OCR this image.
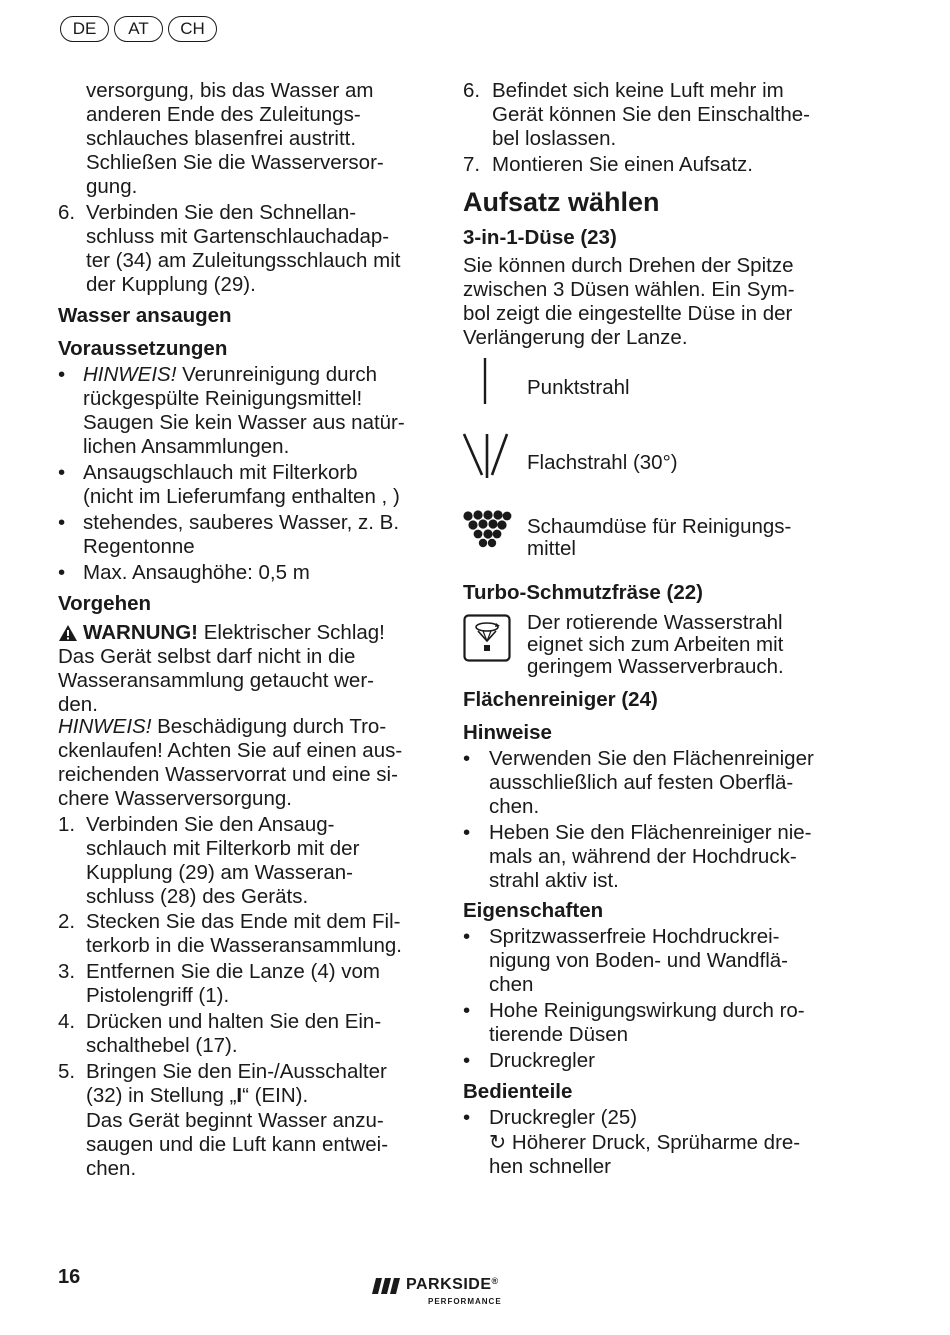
DE	AT	CH
versorgung, bis das Wasser am
anderen Ende des Zuleitungs-
schlauches blasenfrei austritt.
Schließen Sie die Wasserversor-
gung.
6. Verbinden Sie den Schnellan-
schluss mit Gartenschlauchadap-
ter (34) am Zuleitungsschlauch mit
der Kupplung (29).
Wasser ansaugen
Voraussetzungen
• HINWEIS! Verunreinigung durch
rückgespülte Reinigungsmittel!
Saugen Sie kein Wasser aus natür-
lichen Ansammlungen.
• Ansaugschlauch mit Filterkorb
(nicht im Lieferumfang enthalten , )
• stehendes, sauberes Wasser, z. B.
Regentonne
• Max. Ansaughöhe: 0,5 m
Vorgehen
WARNUNG! Elektrischer Schlag!
Das Gerät selbst darf nicht in die
Wasseransammlung getaucht wer-
den.
HINWEIS! Beschädigung durch Tro-
ckenlaufen! Achten Sie auf einen aus-
reichenden Wasservorrat und eine si-
chere Wasserversorgung.
1. Verbinden Sie den Ansaug-
schlauch mit Filterkorb mit der
Kupplung (29) am Wasseran-
schluss (28) des Geräts.
2. Stecken Sie das Ende mit dem Fil-
terkorb in die Wasseransammlung.
3. Entfernen Sie die Lanze (4) vom
Pistolengriff (1).
4. Drücken und halten Sie den Ein-
schalthebel (17).
5. Bringen Sie den Ein-/Ausschalter
(32) in Stellung „I“ (EIN).
Das Gerät beginnt Wasser anzu-
saugen und die Luft kann entwei-
chen.
6. Befindet sich keine Luft mehr im
Gerät können Sie den Einschalthe-
bel loslassen.
7. Montieren Sie einen Aufsatz.
Aufsatz wählen
3-in-1-Düse (23)
Sie können durch Drehen der Spitze
zwischen 3 Düsen wählen. Ein Sym-
bol zeigt die eingestellte Düse in der
Verlängerung der Lanze.
Punktstrahl
Flachstrahl (30°)
Schaumdüse für Reinigungs-
mittel
Turbo-Schmutzfräse (22)
Der rotierende Wasserstrahl
eignet sich zum Arbeiten mit
geringem Wasserverbrauch.
Flächenreiniger (24)
Hinweise
• Verwenden Sie den Flächenreiniger
ausschließlich auf festen Oberflä-
chen.
• Heben Sie den Flächenreiniger nie-
mals an, während der Hochdruck-
strahl aktiv ist.
Eigenschaften
• Spritzwasserfreie Hochdruckrei-
nigung von Boden- und Wandflä-
chen
• Hohe Reinigungswirkung durch ro-
tierende Düsen
• Druckregler
Bedienteile
• Druckregler (25)
↻ Höherer Druck, Sprüharme dre-
hen schneller
16	PARKSIDE®
PERFORMANCE
